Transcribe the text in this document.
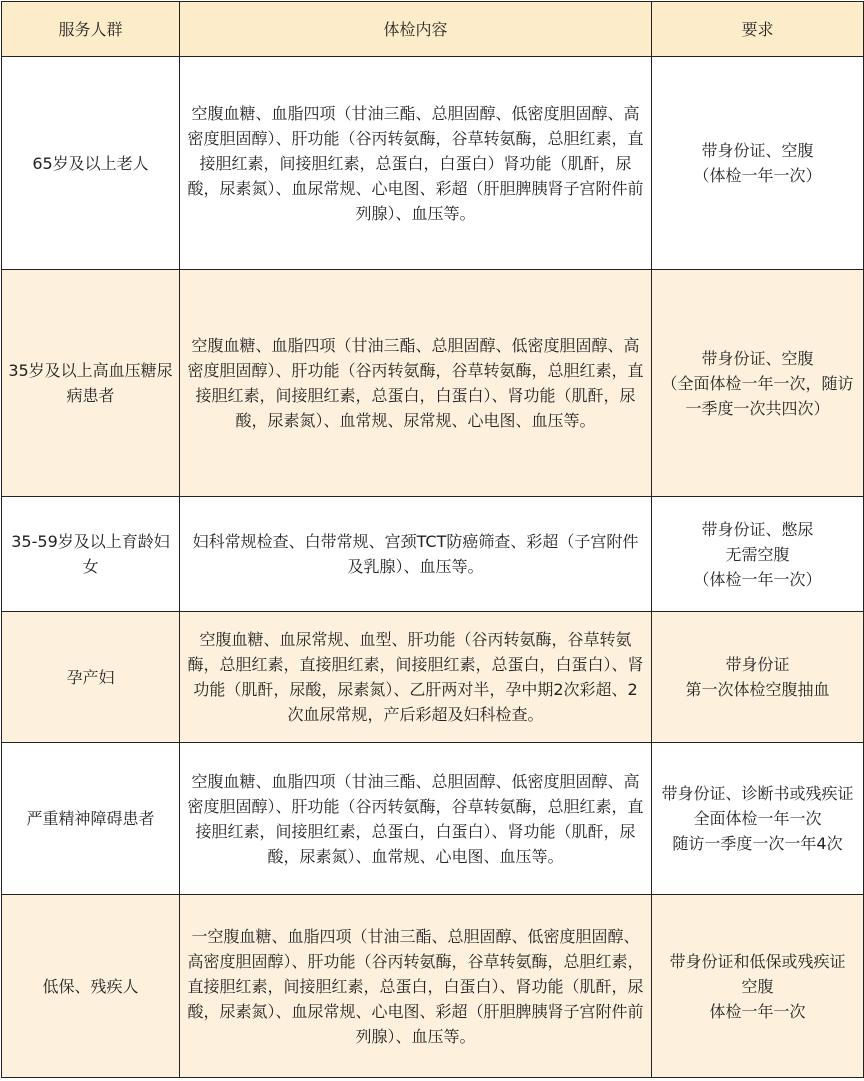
服务人群	体检内容	要求
65岁及以上老人	空腹血糖、血脂四项（甘油三酯、总胆固醇、低密度胆固醇、高密度胆固醇）、肝功能（谷丙转氨酶，谷草转氨酶，总胆红素，直接胆红素，间接胆红素，总蛋白，白蛋白）肾功能（肌酐，尿酸，尿素氮）、血尿常规、心电图、彩超（肝胆脾胰肾子宫附件前列腺）、血压等。	带身份证、空腹
（体检一年一次）
35岁及以上高血压糖尿病患者	空腹血糖、血脂四项（甘油三酯、总胆固醇、低密度胆固醇、高密度胆固醇）、肝功能（谷丙转氨酶，谷草转氨酶，总胆红素，直接胆红素，间接胆红素，总蛋白，白蛋白）、肾功能（肌酐，尿酸，尿素氮）、血常规、尿常规、心电图、血压等。	带身份证、空腹
（全面体检一年一次，随访一季度一次共四次）
35-59岁及以上育龄妇女	妇科常规检查、白带常规、宫颈TCT防癌筛查、彩超（子宫附件及乳腺）、血压等。	带身份证、憋尿
无需空腹
（体检一年一次）
孕产妇	空腹血糖、血尿常规、血型、肝功能（谷丙转氨酶，谷草转氨酶，总胆红素，直接胆红素，间接胆红素，总蛋白，白蛋白）、肾功能（肌酐，尿酸，尿素氮）、乙肝两对半，孕中期2次彩超、2次血尿常规，产后彩超及妇科检查。	带身份证
第一次体检空腹抽血
严重精神障碍患者	空腹血糖、血脂四项（甘油三酯、总胆固醇、低密度胆固醇、高密度胆固醇）、肝功能（谷丙转氨酶，谷草转氨酶，总胆红素，直接胆红素，间接胆红素，总蛋白，白蛋白）、肾功能（肌酐，尿酸，尿素氮）、血常规、心电图、血压等。	带身份证、诊断书或残疾证
全面体检一年一次
随访一季度一次一年4次
低保、残疾人	一空腹血糖、血脂四项（甘油三酯、总胆固醇、低密度胆固醇、高密度胆固醇）、肝功能（谷丙转氨酶，谷草转氨酶，总胆红素，直接胆红素，间接胆红素，总蛋白，白蛋白）、肾功能（肌酐，尿酸，尿素氮）、血尿常规、心电图、彩超（肝胆脾胰肾子宫附件前列腺）、血压等。	带身份证和低保或残疾证
空腹
体检一年一次
